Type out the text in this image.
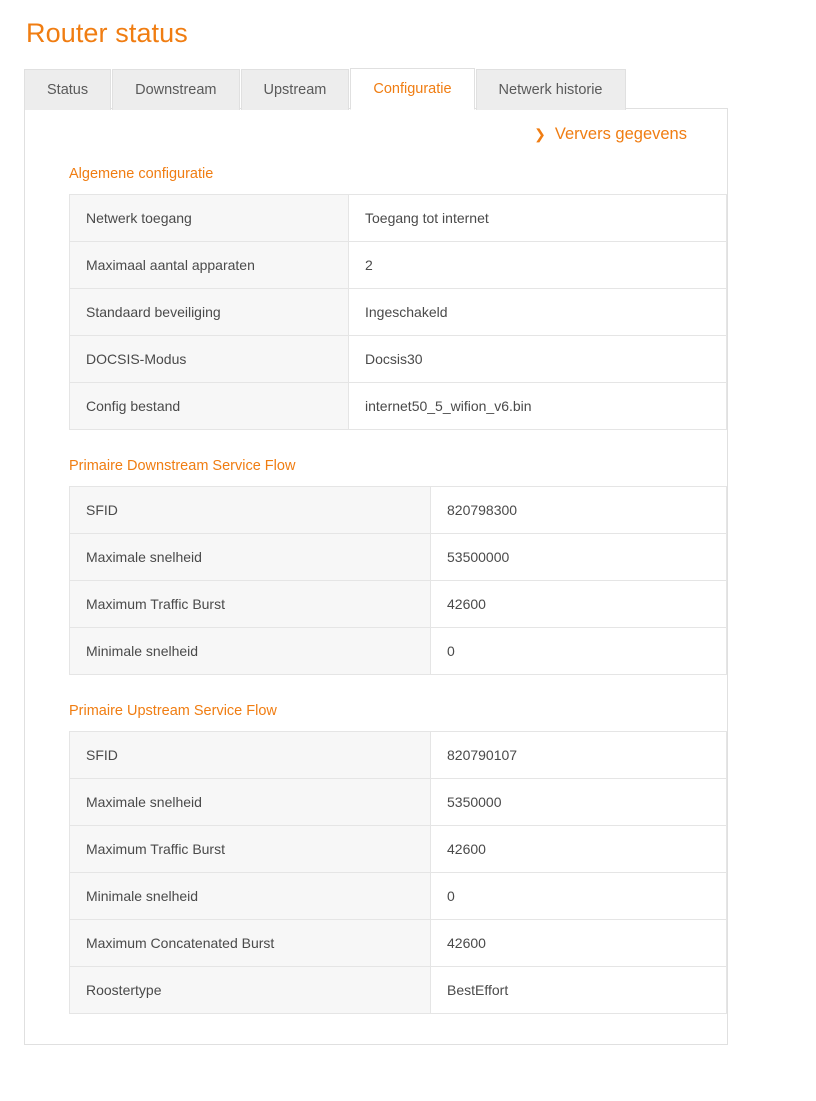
Router status
Status	Downstream	Upstream	Configuratie	Netwerk historie
❯ Ververs gegevens
Algemene configuratie
Netwerk toegang	Toegang tot internet
Maximaal aantal apparaten	2
Standaard beveiliging	Ingeschakeld
DOCSIS-Modus	Docsis30
Config bestand	internet50_5_wifion_v6.bin
Primaire Downstream Service Flow
SFID	820798300
Maximale snelheid	53500000
Maximum Traffic Burst	42600
Minimale snelheid	0
Primaire Upstream Service Flow
SFID	820790107
Maximale snelheid	5350000
Maximum Traffic Burst	42600
Minimale snelheid	0
Maximum Concatenated Burst	42600
Roostertype	BestEffort
